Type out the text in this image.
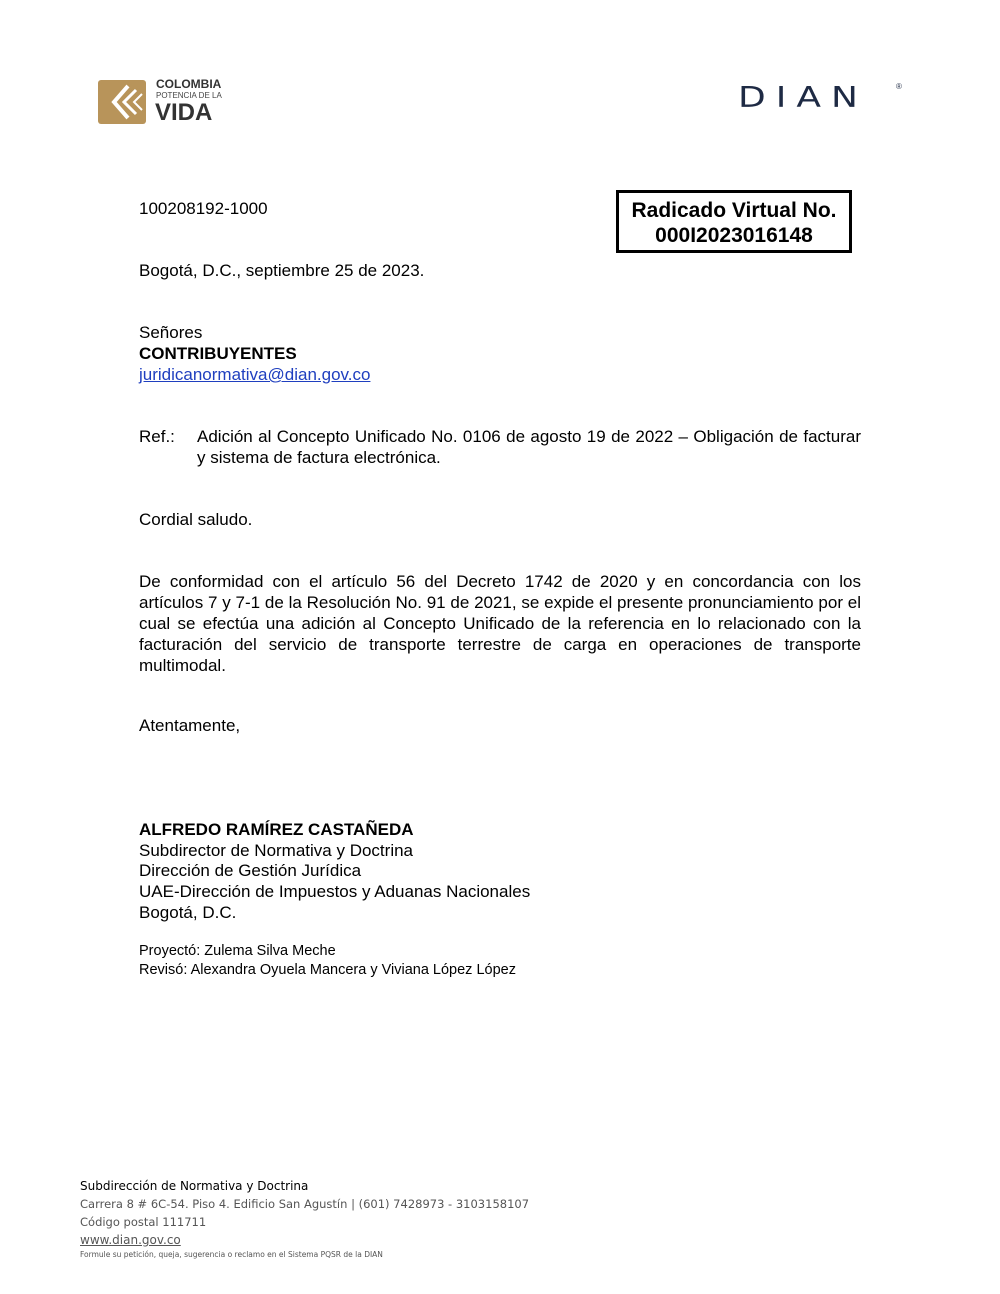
COLOMBIA
POTENCIA DE LA
VIDA	DIAN	®
100208192-1000	Radicado Virtual No.
000I2023016148
Bogotá, D.C., septiembre 25 de 2023.
Señores
CONTRIBUYENTES
juridicanormativa@dian.gov.co
Ref.: Adición al Concepto Unificado No. 0106 de agosto 19 de 2022 – Obligación de facturar y sistema de factura electrónica.
Cordial saludo.
De conformidad con el artículo 56 del Decreto 1742 de 2020 y en concordancia con los artículos 7 y 7-1 de la Resolución No. 91 de 2021, se expide el presente pronunciamiento por el cual se efectúa una adición al Concepto Unificado de la referencia en lo relacionado con la facturación del servicio de transporte terrestre de carga en operaciones de transporte multimodal.
Atentamente,
ALFREDO RAMÍREZ CASTAÑEDA
Subdirector de Normativa y Doctrina
Dirección de Gestión Jurídica
UAE-Dirección de Impuestos y Aduanas Nacionales
Bogotá, D.C.
Proyectó: Zulema Silva Meche
Revisó: Alexandra Oyuela Mancera y Viviana López López
Subdirección de Normativa y Doctrina
Carrera 8 # 6C-54. Piso 4. Edificio San Agustín | (601) 7428973 - 3103158107
Código postal 111711
www.dian.gov.co
Formule su petición, queja, sugerencia o reclamo en el Sistema PQSR de la DIAN
